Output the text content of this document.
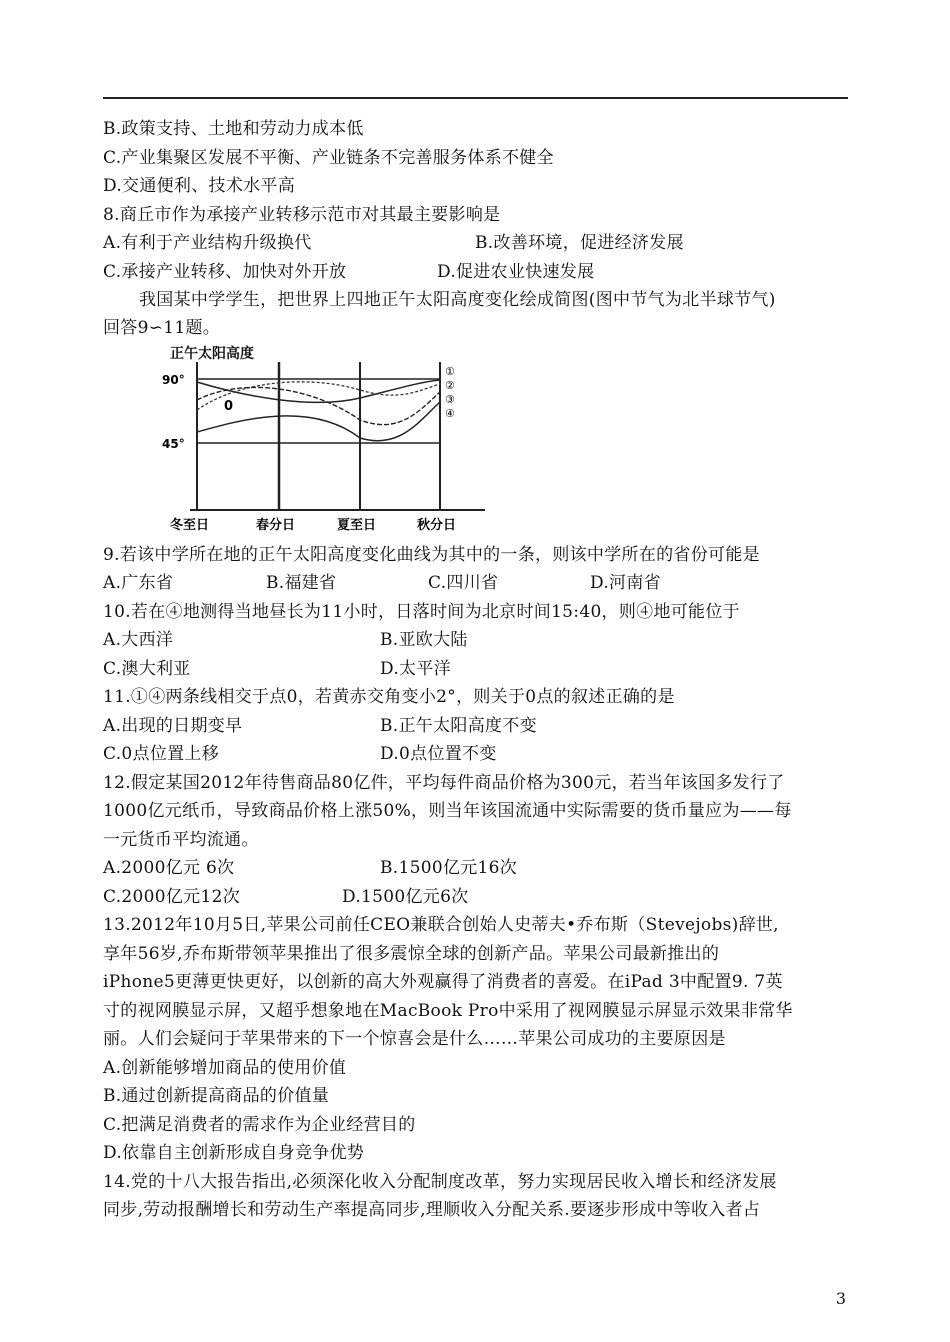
B.政策支持、土地和劳动力成本低
C.产业集聚区发展不平衡、产业链条不完善服务体系不健全
D.交通便利、技术水平高
8.商丘市作为承接产业转移示范市对其最主要影响是
A.有利于产业结构升级换代	B.改善环境，促进经济发展
C.承接产业转移、加快对外开放	D.促进农业快速发展
我国某中学学生，把世界上四地正午太阳高度变化绘成简图(图中节气为北半球节气)
回答9∽11题。
正午太阳高度
90°
45°
0
①
②
③
④
冬至日	春分日	夏至日	秋分日
9.若该中学所在地的正午太阳高度变化曲线为其中的一条，则该中学所在的省份可能是
A.广东省	B.福建省	C.四川省	D.河南省
10.若在④地测得当地昼长为11小时，日落时间为北京时间15:40，则④地可能位于
A.大西洋	B.亚欧大陆
C.澳大利亚	D.太平洋
11.①④两条线相交于点0，若黄赤交角变小2°，则关于0点的叙述正确的是
A.出现的日期变早	B.正午太阳高度不变
C.0点位置上移	D.0点位置不变
12.假定某国2012年待售商品80亿件，平均每件商品价格为300元，若当年该国多发行了
1000亿元纸币，导致商品价格上涨50%，则当年该国流通中实际需要的货币量应为——每
一元货币平均流通。
A.2000亿元 6次	B.1500亿元16次
C.2000亿元12次	D.1500亿元6次
13.2012年10月5日,苹果公司前任CEO兼联合创始人史蒂夫•乔布斯（Stevejobs)辞世,
享年56岁,乔布斯带领苹果推出了很多震惊全球的创新产品。苹果公司最新推出的
iPhone5更薄更快更好，以创新的高大外观赢得了消费者的喜爱。在iPad 3中配置9. 7英
寸的视网膜显示屏，又超乎想象地在MacBook Pro中采用了视网膜显示屏显示效果非常华
丽。人们会疑问于苹果带来的下一个惊喜会是什么……苹果公司成功的主要原因是
A.创新能够增加商品的使用价值
B.通过创新提高商品的价值量
C.把满足消费者的需求作为企业经营目的
D.依靠自主创新形成自身竞争优势
14.党的十八大报告指出,必须深化收入分配制度改革，努力实现居民收入增长和经济发展
同步,劳动报酬增长和劳动生产率提高同步,理顺收入分配关系.要逐步形成中等收入者占
3
